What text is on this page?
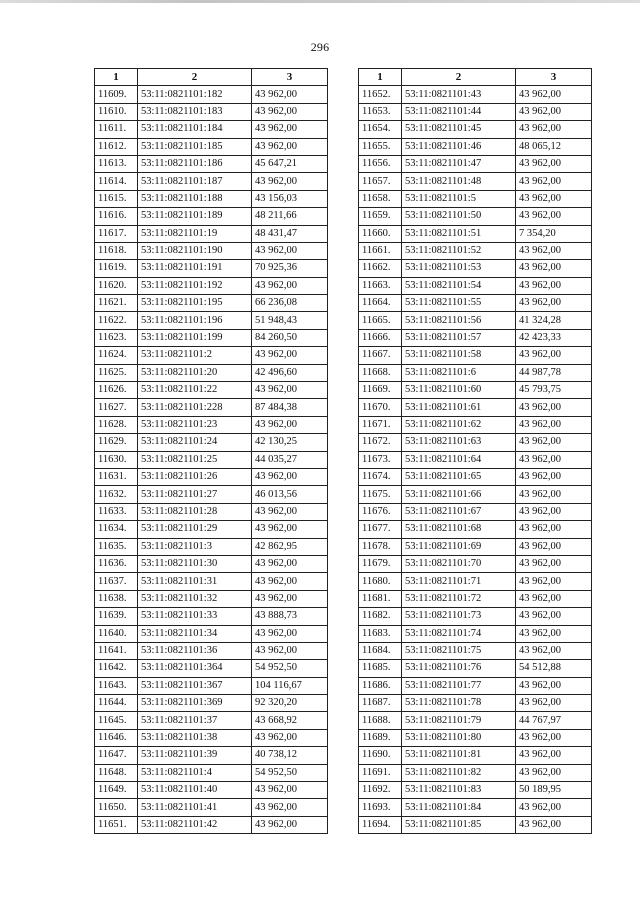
296
1	2	3
11609.	53:11:0821101:182	43 962,00
11610.	53:11:0821101:183	43 962,00
11611.	53:11:0821101:184	43 962,00
11612.	53:11:0821101:185	43 962,00
11613.	53:11:0821101:186	45 647,21
11614.	53:11:0821101:187	43 962,00
11615.	53:11:0821101:188	43 156,03
11616.	53:11:0821101:189	48 211,66
11617.	53:11:0821101:19	48 431,47
11618.	53:11:0821101:190	43 962,00
11619.	53:11:0821101:191	70 925,36
11620.	53:11:0821101:192	43 962,00
11621.	53:11:0821101:195	66 236,08
11622.	53:11:0821101:196	51 948,43
11623.	53:11:0821101:199	84 260,50
11624.	53:11:0821101:2	43 962,00
11625.	53:11:0821101:20	42 496,60
11626.	53:11:0821101:22	43 962,00
11627.	53:11:0821101:228	87 484,38
11628.	53:11:0821101:23	43 962,00
11629.	53:11:0821101:24	42 130,25
11630.	53:11:0821101:25	44 035,27
11631.	53:11:0821101:26	43 962,00
11632.	53:11:0821101:27	46 013,56
11633.	53:11:0821101:28	43 962,00
11634.	53:11:0821101:29	43 962,00
11635.	53:11:0821101:3	42 862,95
11636.	53:11:0821101:30	43 962,00
11637.	53:11:0821101:31	43 962,00
11638.	53:11:0821101:32	43 962,00
11639.	53:11:0821101:33	43 888,73
11640.	53:11:0821101:34	43 962,00
11641.	53:11:0821101:36	43 962,00
11642.	53:11:0821101:364	54 952,50
11643.	53:11:0821101:367	104 116,67
11644.	53:11:0821101:369	92 320,20
11645.	53:11:0821101:37	43 668,92
11646.	53:11:0821101:38	43 962,00
11647.	53:11:0821101:39	40 738,12
11648.	53:11:0821101:4	54 952,50
11649.	53:11:0821101:40	43 962,00
11650.	53:11:0821101:41	43 962,00
11651.	53:11:0821101:42	43 962,00
1	2	3
11652.	53:11:0821101:43	43 962,00
11653.	53:11:0821101:44	43 962,00
11654.	53:11:0821101:45	43 962,00
11655.	53:11:0821101:46	48 065,12
11656.	53:11:0821101:47	43 962,00
11657.	53:11:0821101:48	43 962,00
11658.	53:11:0821101:5	43 962,00
11659.	53:11:0821101:50	43 962,00
11660.	53:11:0821101:51	7 354,20
11661.	53:11:0821101:52	43 962,00
11662.	53:11:0821101:53	43 962,00
11663.	53:11:0821101:54	43 962,00
11664.	53:11:0821101:55	43 962,00
11665.	53:11:0821101:56	41 324,28
11666.	53:11:0821101:57	42 423,33
11667.	53:11:0821101:58	43 962,00
11668.	53:11:0821101:6	44 987,78
11669.	53:11:0821101:60	45 793,75
11670.	53:11:0821101:61	43 962,00
11671.	53:11:0821101:62	43 962,00
11672.	53:11:0821101:63	43 962,00
11673.	53:11:0821101:64	43 962,00
11674.	53:11:0821101:65	43 962,00
11675.	53:11:0821101:66	43 962,00
11676.	53:11:0821101:67	43 962,00
11677.	53:11:0821101:68	43 962,00
11678.	53:11:0821101:69	43 962,00
11679.	53:11:0821101:70	43 962,00
11680.	53:11:0821101:71	43 962,00
11681.	53:11:0821101:72	43 962,00
11682.	53:11:0821101:73	43 962,00
11683.	53:11:0821101:74	43 962,00
11684.	53:11:0821101:75	43 962,00
11685.	53:11:0821101:76	54 512,88
11686.	53:11:0821101:77	43 962,00
11687.	53:11:0821101:78	43 962,00
11688.	53:11:0821101:79	44 767,97
11689.	53:11:0821101:80	43 962,00
11690.	53:11:0821101:81	43 962,00
11691.	53:11:0821101:82	43 962,00
11692.	53:11:0821101:83	50 189,95
11693.	53:11:0821101:84	43 962,00
11694.	53:11:0821101:85	43 962,00
